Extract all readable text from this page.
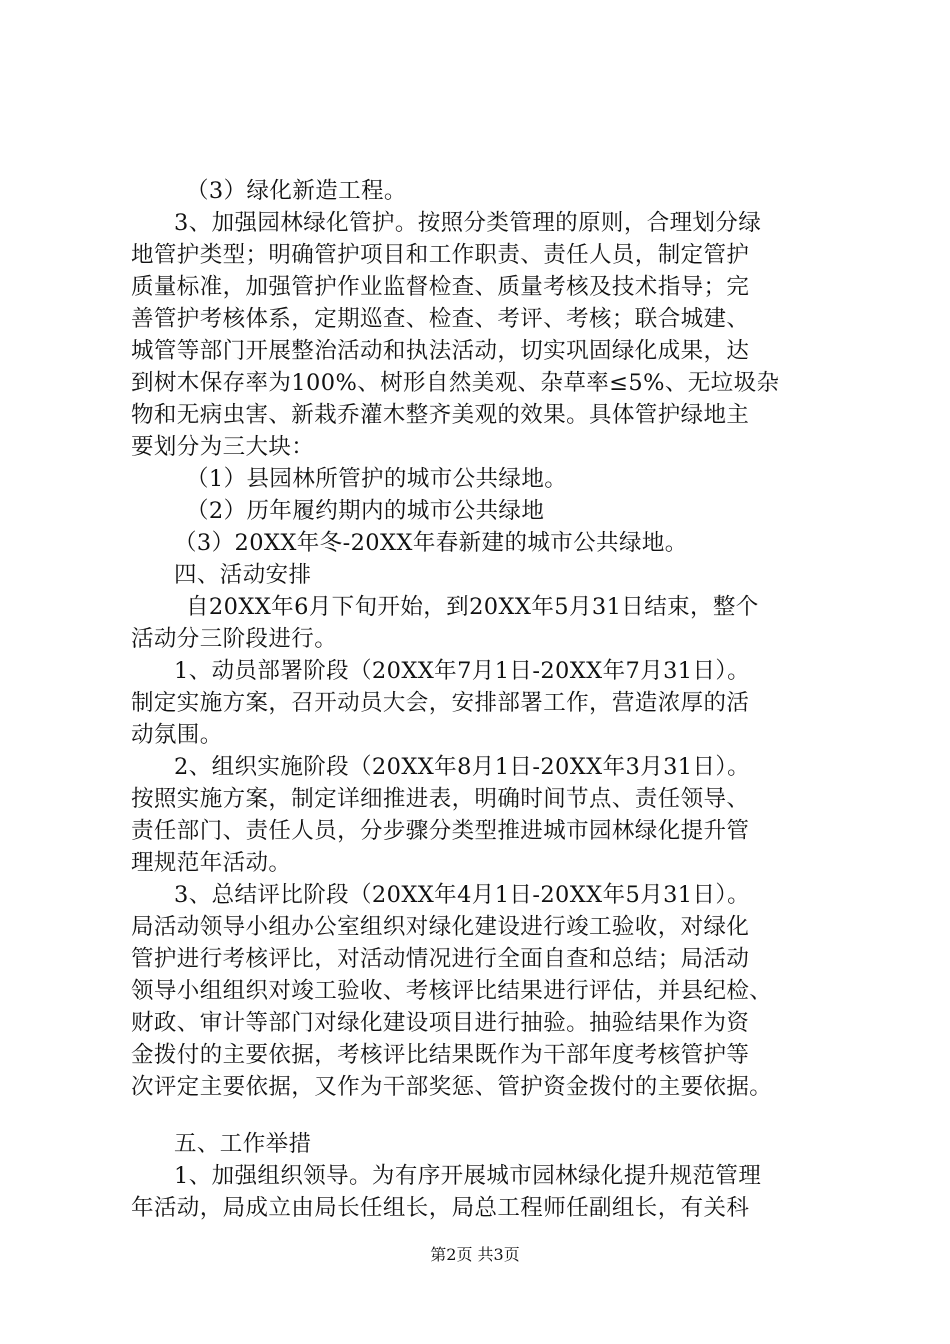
（3）绿化新造工程。
3、加强园林绿化管护。按照分类管理的原则，合理划分绿
地管护类型；明确管护项目和工作职责、责任人员，制定管护
质量标准，加强管护作业监督检查、质量考核及技术指导；完
善管护考核体系，定期巡查、检查、考评、考核；联合城建、
城管等部门开展整治活动和执法活动，切实巩固绿化成果，达
到树木保存率为100%、树形自然美观、杂草率≤5%、无垃圾杂
物和无病虫害、新栽乔灌木整齐美观的效果。具体管护绿地主
要划分为三大块：
（1）县园林所管护的城市公共绿地。
（2）历年履约期内的城市公共绿地
（3）20XX年冬-20XX年春新建的城市公共绿地。
四、活动安排
自20XX年6月下旬开始，到20XX年5月31日结束，整个
活动分三阶段进行。
1、动员部署阶段（20XX年7月1日-20XX年7月31日）。
制定实施方案，召开动员大会，安排部署工作，营造浓厚的活
动氛围。
2、组织实施阶段（20XX年8月1日-20XX年3月31日）。
按照实施方案，制定详细推进表，明确时间节点、责任领导、
责任部门、责任人员，分步骤分类型推进城市园林绿化提升管
理规范年活动。
3、总结评比阶段（20XX年4月1日-20XX年5月31日）。
局活动领导小组办公室组织对绿化建设进行竣工验收，对绿化
管护进行考核评比，对活动情况进行全面自查和总结；局活动
领导小组组织对竣工验收、考核评比结果进行评估，并县纪检、
财政、审计等部门对绿化建设项目进行抽验。抽验结果作为资
金拨付的主要依据，考核评比结果既作为干部年度考核管护等
次评定主要依据，又作为干部奖惩、管护资金拨付的主要依据。
五、工作举措
1、加强组织领导。为有序开展城市园林绿化提升规范管理
年活动，局成立由局长任组长，局总工程师任副组长，有关科
第2页 共3页
